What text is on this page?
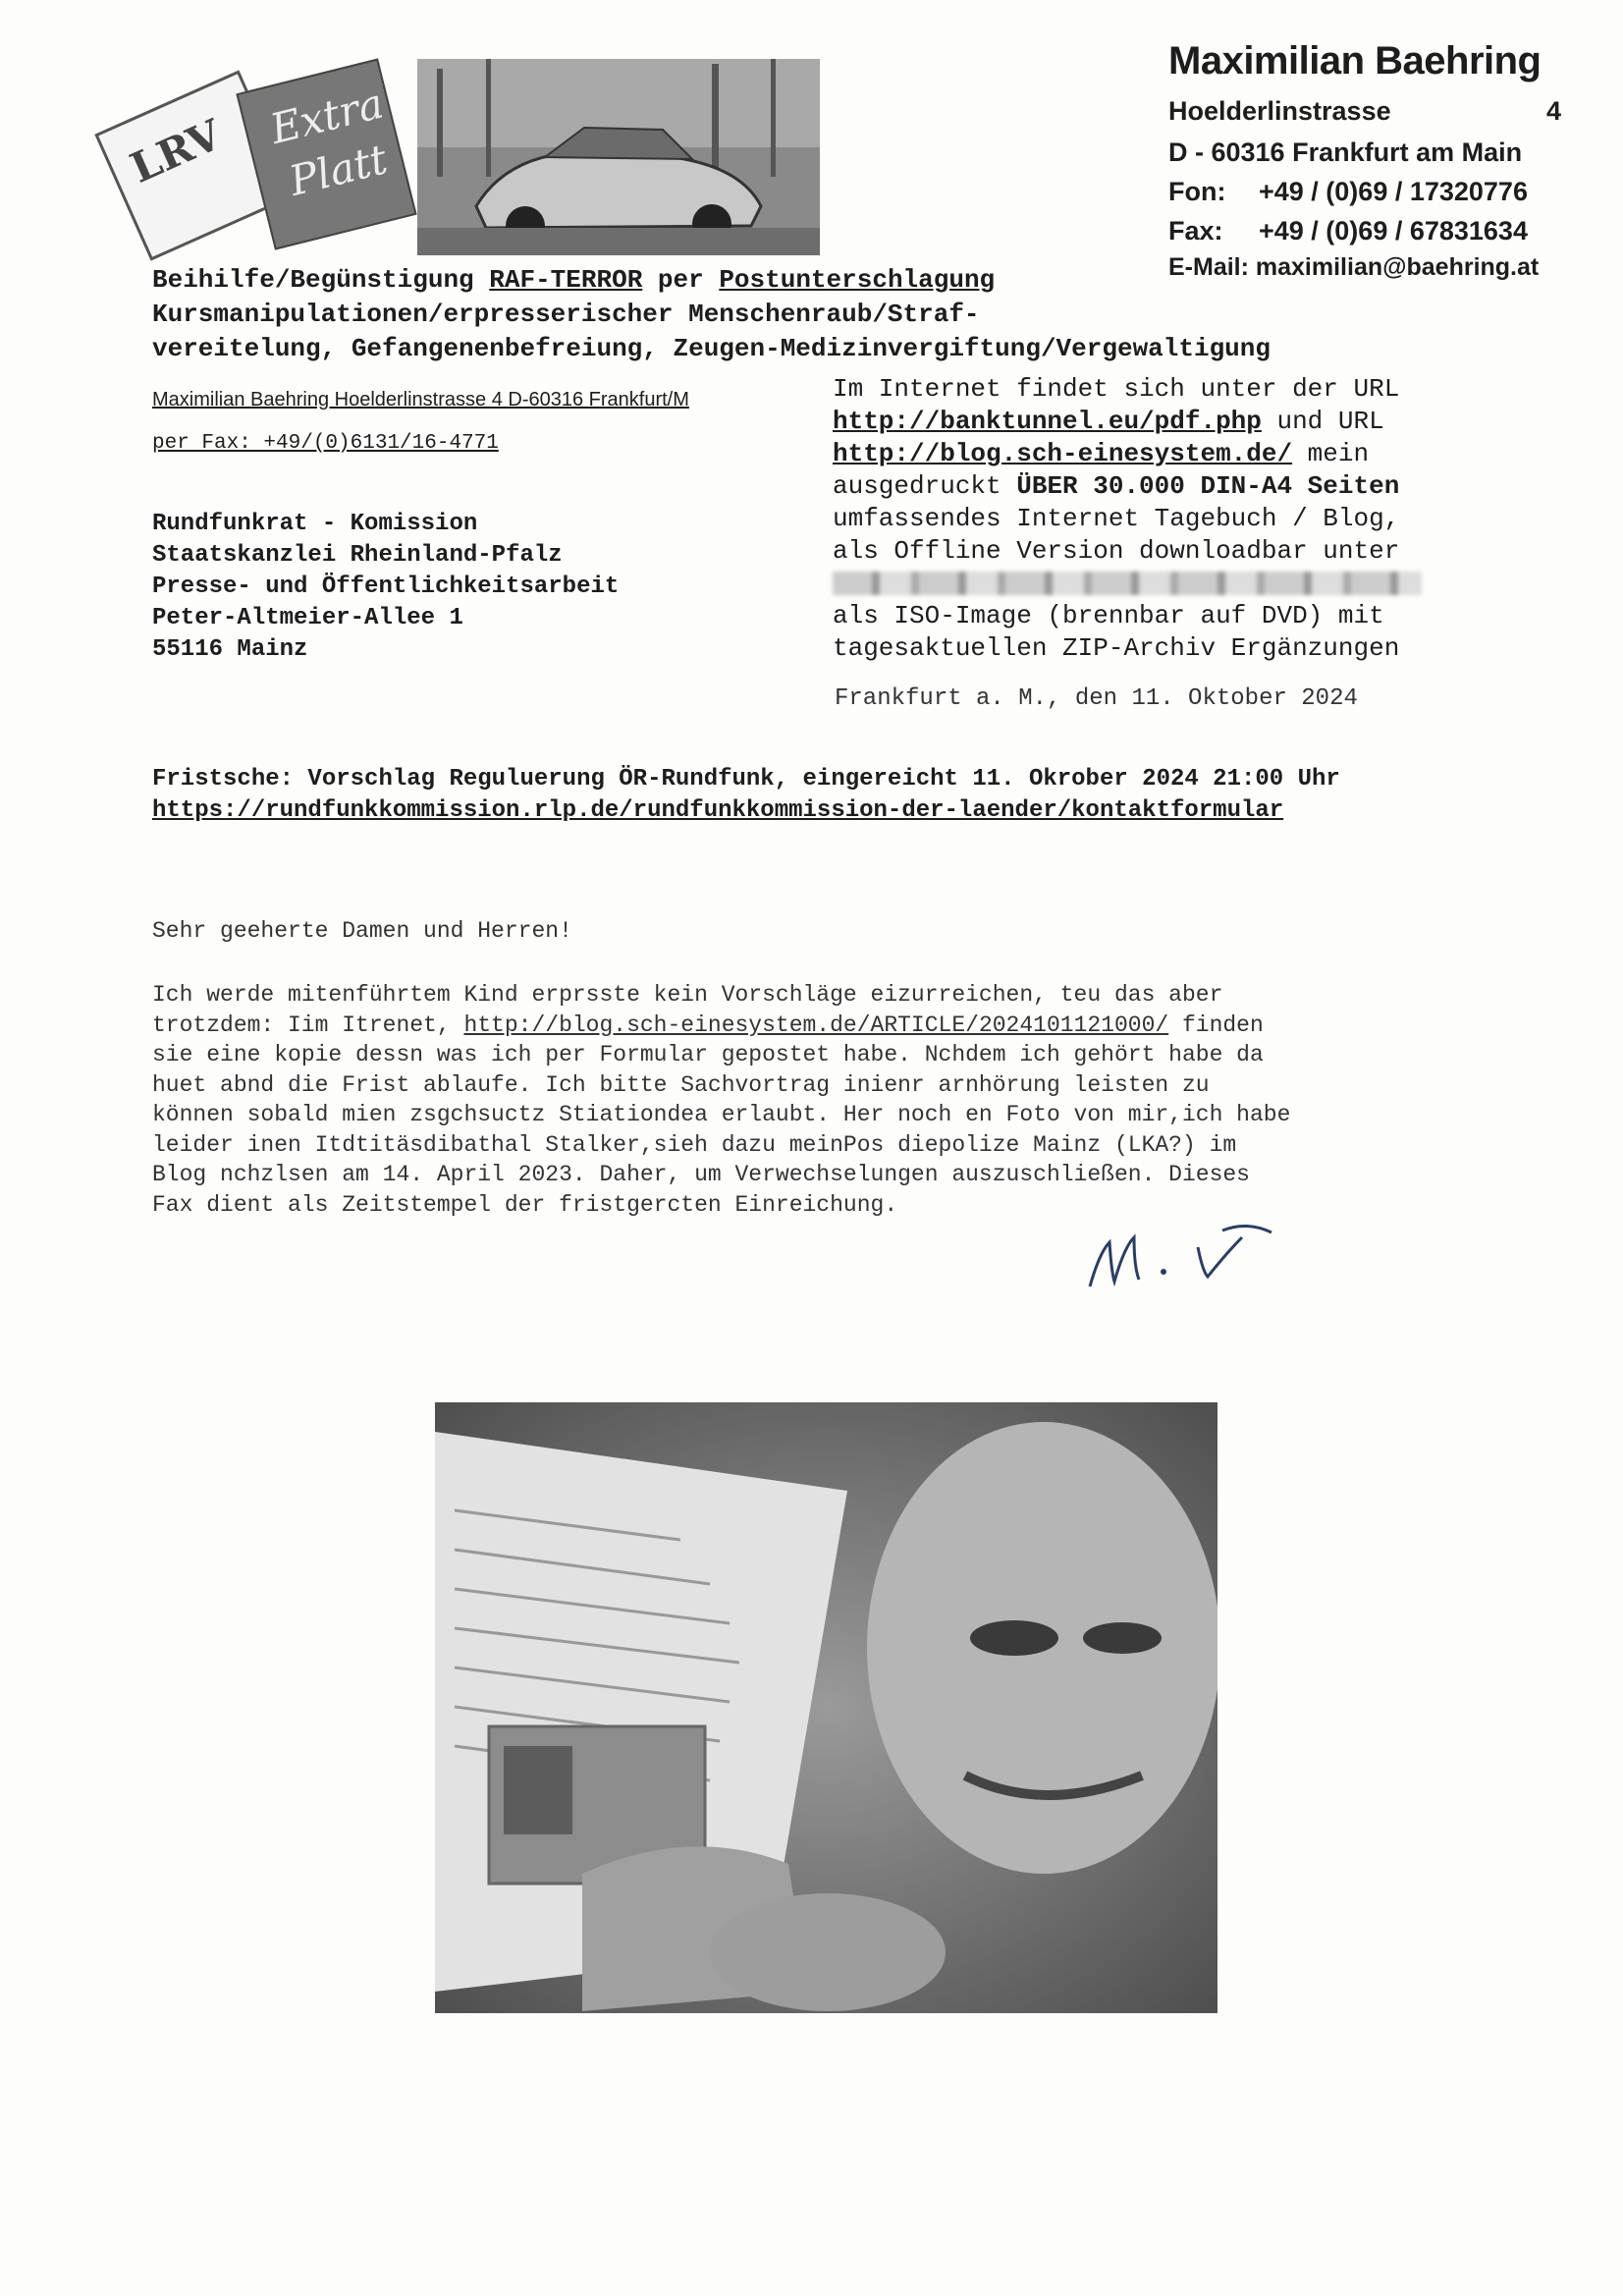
Maximilian Baehring
Hoelderlinstrasse	4
D - 60316 Frankfurt am Main
Fon: +49 / (0)69 / 17320776
Fax: +49 / (0)69 / 67831634
E-Mail: maximilian@baehring.at
LRV Extra
Platt
Beihilfe/Begünstigung RAF-TERROR per Postunterschlagung
Kursmanipulationen/erpresserischer Menschenraub/Straf-
vereitelung, Gefangenenbefreiung, Zeugen-Medizinvergiftung/Vergewaltigung
Maximilian Baehring Hoelderlinstrasse 4 D-60316 Frankfurt/M
per Fax: +49/(0)6131/16-4771
Rundfunkrat - Komission
Staatskanzlei Rheinland-Pfalz
Presse- und Öffentlichkeitsarbeit
Peter-Altmeier-Allee 1
55116 Mainz
Im Internet findet sich unter der URL
http://banktunnel.eu/pdf.php und URL
http://blog.sch-einesystem.de/ mein
ausgedruckt ÜBER 30.000 DIN-A4 Seiten
umfassendes Internet Tagebuch / Blog,
als Offline Version downloadbar unter
als ISO-Image (brennbar auf DVD) mit
tagesaktuellen ZIP-Archiv Ergänzungen
Frankfurt a. M., den 11. Oktober 2024
Fristsche: Vorschlag Reguluerung ÖR-Rundfunk, eingereicht 11. Okrober 2024 21:00 Uhr
https://rundfunkkommission.rlp.de/rundfunkkommission-der-laender/kontaktformular
Sehr geeherte Damen und Herren!
Ich werde mitenführtem Kind erprsste kein Vorschläge eizurreichen, teu das aber
trotzdem: Iim Itrenet, http://blog.sch-einesystem.de/ARTICLE/2024101121000/ finden
sie eine kopie dessn was ich per Formular gepostet habe. Nchdem ich gehört habe da
huet abnd die Frist ablaufe. Ich bitte Sachvortrag inienr arnhörung leisten zu
können sobald mien zsgchsuctz Stiationdea erlaubt. Her noch en Foto von mir,ich habe
leider inen Itdtitäsdibathal Stalker,sieh dazu meinPos diepolize Mainz (LKA?) im
Blog nchzlsen am 14. April 2023. Daher, um Verwechselungen auszuschließen. Dieses
Fax dient als Zeitstempel der fristgercten Einreichung.
